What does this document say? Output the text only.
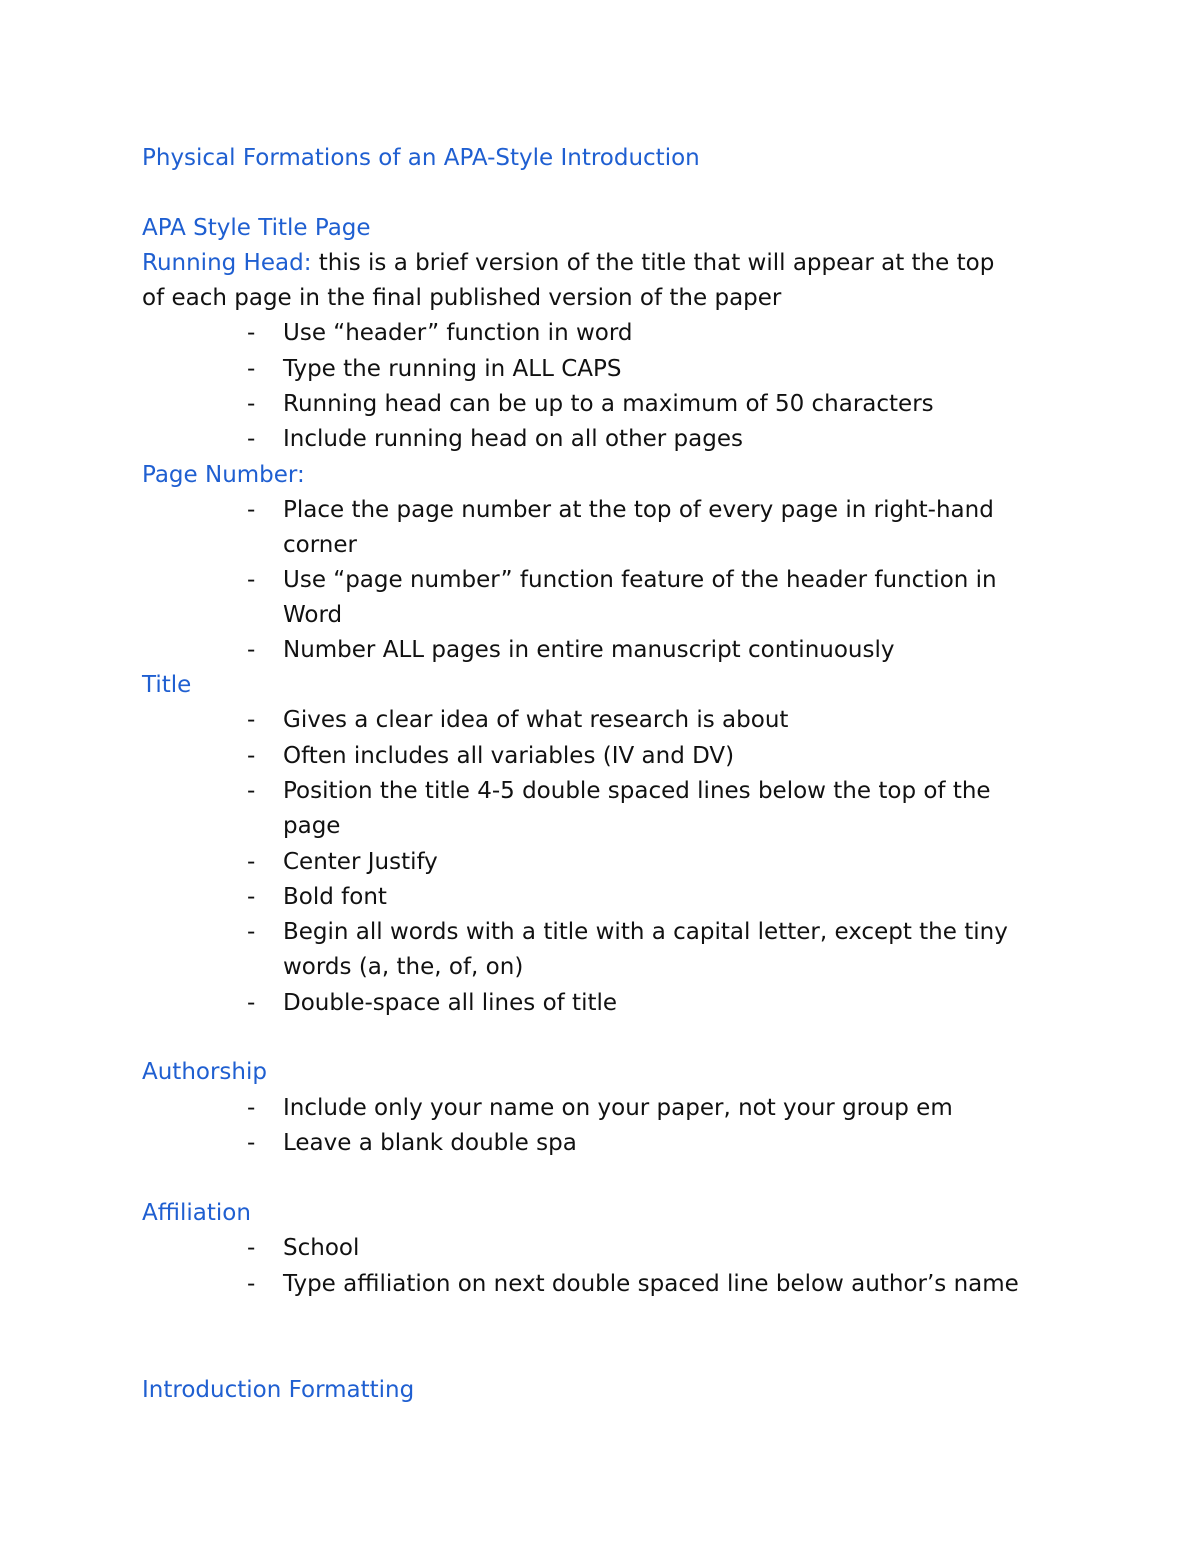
Physical Formations of an APA-Style Introduction
APA Style Title Page
Running Head: this is a brief version of the title that will appear at the top
of each page in the final published version of the paper
- Use “header” function in word
- Type the running in ALL CAPS
- Running head can be up to a maximum of 50 characters
- Include running head on all other pages
Page Number:
- Place the page number at the top of every page in right-hand
corner
- Use “page number” function feature of the header function in
Word
- Number ALL pages in entire manuscript continuously
Title
- Gives a clear idea of what research is about
- Often includes all variables (IV and DV)
- Position the title 4-5 double spaced lines below the top of the
page
- Center Justify
- Bold font
- Begin all words with a title with a capital letter, except the tiny
words (a, the, of, on)
- Double-space all lines of title
Authorship
- Include only your name on your paper, not your group em
- Leave a blank double spa
Affiliation
- School
- Type affiliation on next double spaced line below author’s name
Introduction Formatting
